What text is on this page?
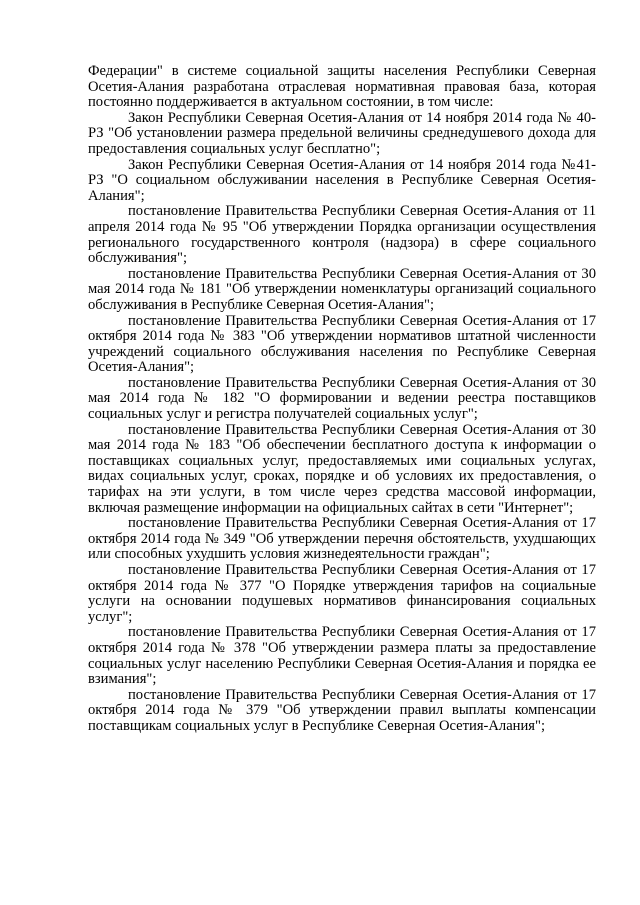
Федерации" в системе социальной защиты населения Республики Северная Осетия-Алания разработана отраслевая нормативная правовая база, которая постоянно поддерживается в актуальном состоянии, в том числе:

Закон Республики Северная Осетия-Алания от 14 ноября 2014 года № 40-РЗ "Об установлении размера предельной величины среднедушевого дохода для предоставления социальных услуг бесплатно";

Закон Республики Северная Осетия-Алания от 14 ноября 2014 года №41-РЗ "О социальном обслуживании населения в Республике Северная Осетия-Алания";

постановление Правительства Республики Северная Осетия-Алания от 11 апреля 2014 года № 95 "Об утверждении Порядка организации осуществления регионального государственного контроля (надзора) в сфере социального обслуживания";

постановление Правительства Республики Северная Осетия-Алания от 30 мая 2014 года № 181 "Об утверждении номенклатуры организаций социального обслуживания в Республике Северная Осетия-Алания";

постановление Правительства Республики Северная Осетия-Алания от 17 октября 2014 года № 383 "Об утверждении нормативов штатной численности учреждений социального обслуживания населения по Республике Северная Осетия-Алания";

постановление Правительства Республики Северная Осетия-Алания от 30 мая 2014 года № 182 "О формировании и ведении реестра поставщиков социальных услуг и регистра получателей социальных услуг";

постановление Правительства Республики Северная Осетия-Алания от 30 мая 2014 года № 183 "Об обеспечении бесплатного доступа к информации о поставщиках социальных услуг, предоставляемых ими социальных услугах, видах социальных услуг, сроках, порядке и об условиях их предоставления, о тарифах на эти услуги, в том числе через средства массовой информации, включая размещение информации на официальных сайтах в сети "Интернет";

постановление Правительства Республики Северная Осетия-Алания от 17 октября 2014 года № 349 "Об утверждении перечня обстоятельств, ухудшающих или способных ухудшить условия жизнедеятельности граждан";

постановление Правительства Республики Северная Осетия-Алания от 17 октября 2014 года № 377 "О Порядке утверждения тарифов на социальные услуги на основании подушевых нормативов финансирования социальных услуг";

постановление Правительства Республики Северная Осетия-Алания от 17 октября 2014 года № 378 "Об утверждении размера платы за предоставление социальных услуг населению Республики Северная Осетия-Алания и порядка ее взимания";

постановление Правительства Республики Северная Осетия-Алания от 17 октября 2014 года № 379 "Об утверждении правил выплаты компенсации поставщикам социальных услуг в Республике Северная Осетия-Алания";
